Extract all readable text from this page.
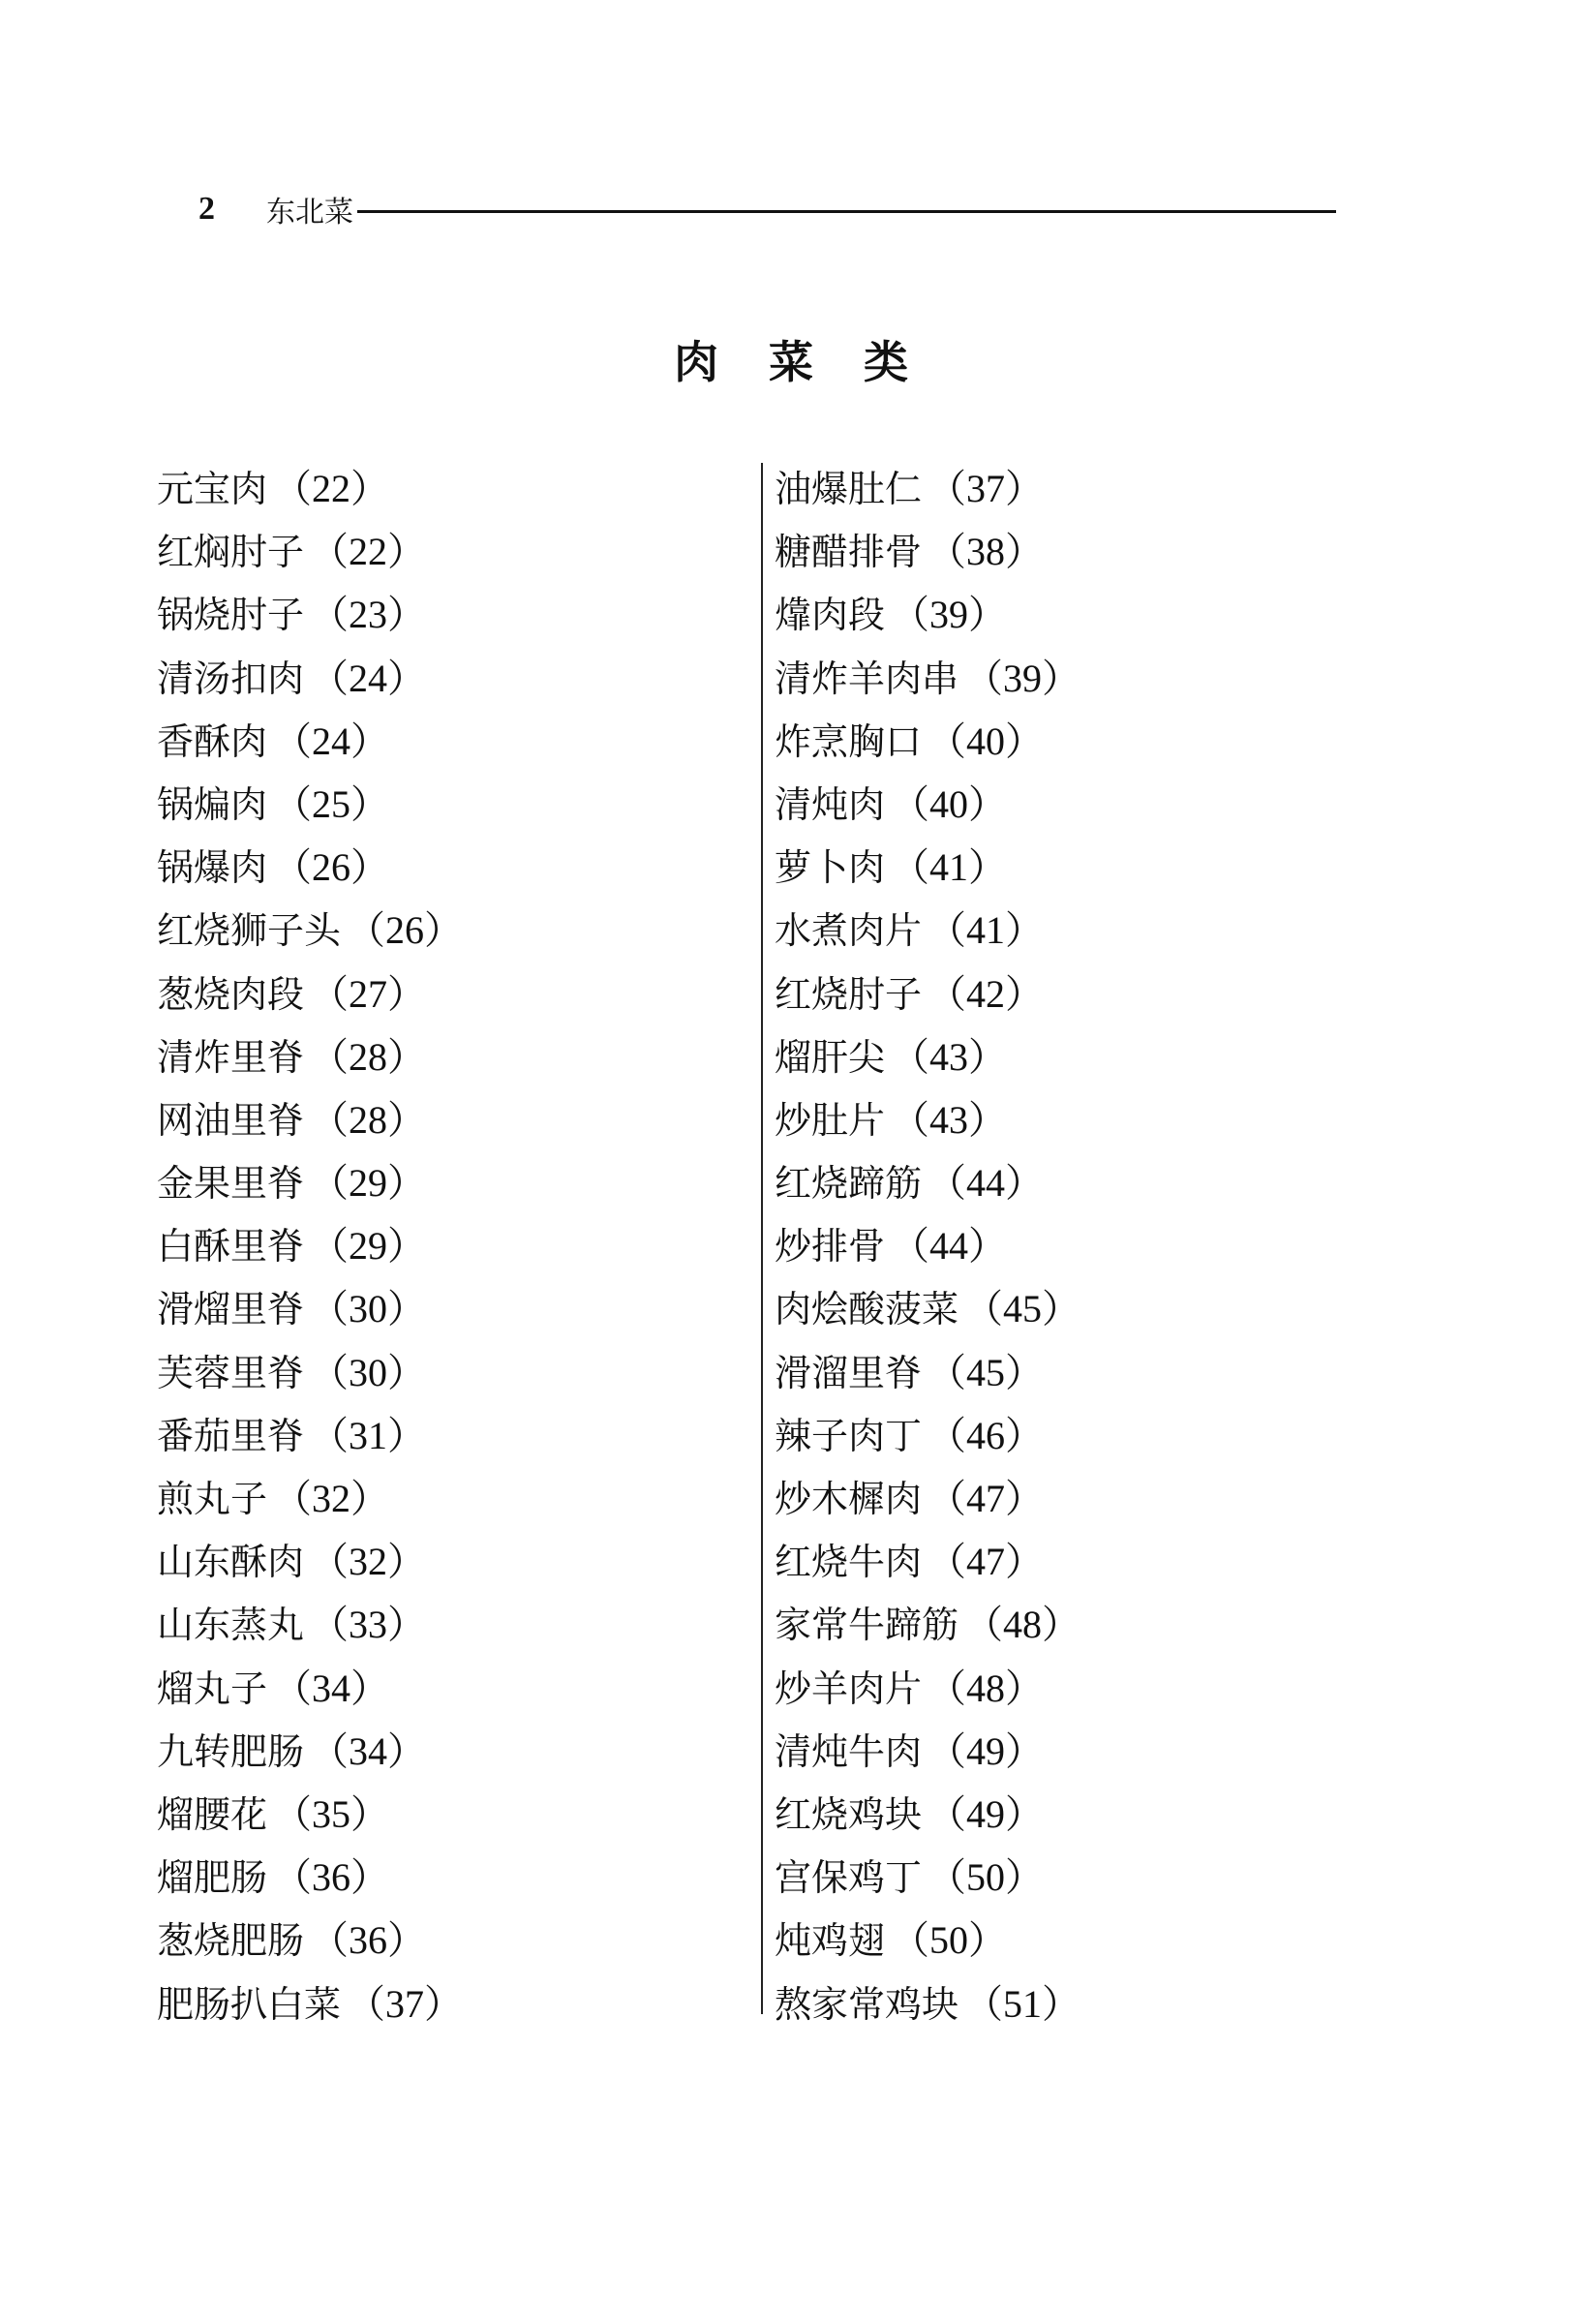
2	东北菜
肉菜类
元宝肉 （22）
红焖肘子 （22）
锅烧肘子 （23）
清汤扣肉 （24）
香酥肉 （24）
锅煸肉 （25）
锅爆肉 （26）
红烧狮子头 （26）
葱烧肉段 （27）
清炸里脊 （28）
网油里脊 （28）
金果里脊 （29）
白酥里脊 （29）
滑熘里脊 （30）
芙蓉里脊 （30）
番茄里脊 （31）
煎丸子 （32）
山东酥肉 （32）
山东蒸丸 （33）
熘丸子 （34）
九转肥肠 （34）
熘腰花 （35）
熘肥肠 （36）
葱烧肥肠 （36）
肥肠扒白菜 （37）
油爆肚仁 （37）
糖醋排骨 （38）
㸆肉段 （39）
清炸羊肉串 （39）
炸烹胸口 （40）
清炖肉 （40）
萝卜肉 （41）
水煮肉片 （41）
红烧肘子 （42）
熘肝尖 （43）
炒肚片 （43）
红烧蹄筋 （44）
炒排骨 （44）
肉烩酸菠菜 （45）
滑溜里脊 （45）
辣子肉丁 （46）
炒木樨肉 （47）
红烧牛肉 （47）
家常牛蹄筋 （48）
炒羊肉片 （48）
清炖牛肉 （49）
红烧鸡块 （49）
宫保鸡丁 （50）
炖鸡翅 （50）
熬家常鸡块 （51）
